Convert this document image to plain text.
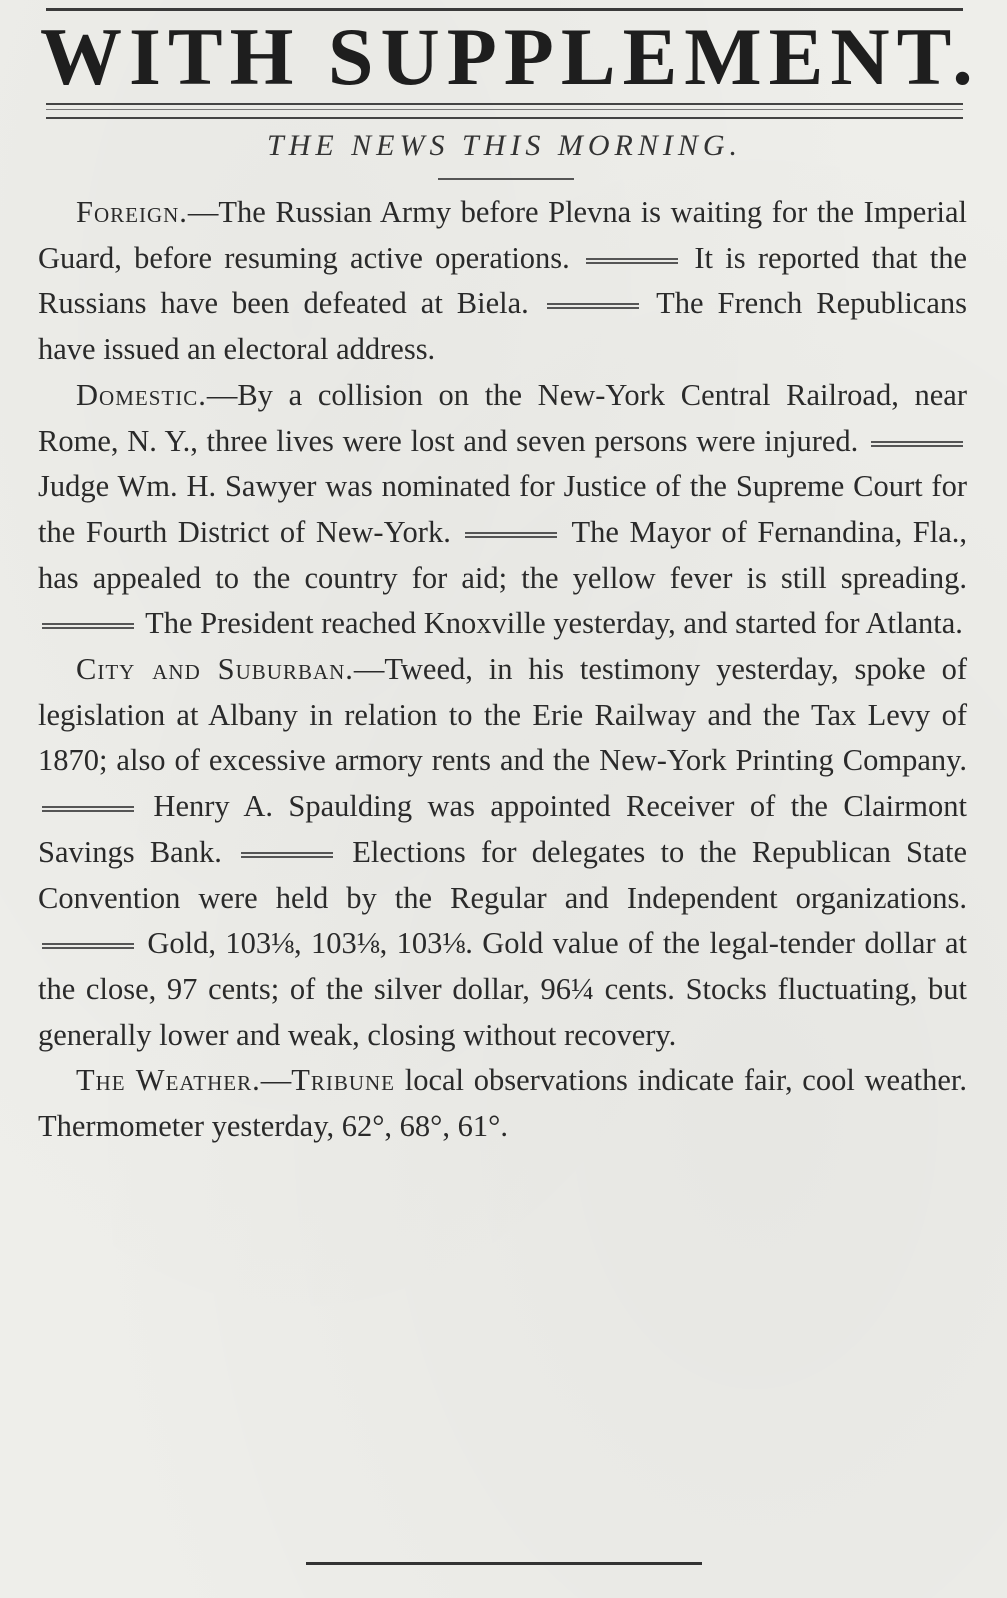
WITH SUPPLEMENT.
THE NEWS THIS MORNING.

Foreign.—The Russian Army before Plevna is waiting for the Imperial Guard, before resuming active operations.	It is reported that the Russians have been defeated at Biela.	The French Republicans have issued an electoral address.

Domestic.—By a collision on the New-York Central Railroad, near Rome, N. Y., three lives were lost and seven persons were injured.  Judge Wm. H. Sawyer was nominated for Justice of the Supreme Court for the Fourth District of New-York.	The Mayor of Fernandina, Fla., has appealed to the country for aid; the yellow fever is still spreading.  The President reached Knoxville yesterday, and started for Atlanta.

City and Suburban.—Tweed, in his testimony yesterday, spoke of legislation at Albany in relation to the Erie Railway and the Tax Levy of 1870; also of excessive armory rents and the New-York Printing Company.  Henry A. Spaulding was appointed Receiver of the Clairmont Savings Bank.	Elections for delegates to the Republican State Convention were held by the Regular and Independent organizations.  Gold, 103⅛, 103⅛, 103⅛. Gold value of the legal-tender dollar at the close, 97 cents; of the silver dollar, 96¼ cents. Stocks fluctuating, but generally lower and weak, closing without recovery.

The Weather.—Tribune local observations indicate fair, cool weather. Thermometer yesterday, 62°, 68°, 61°.
